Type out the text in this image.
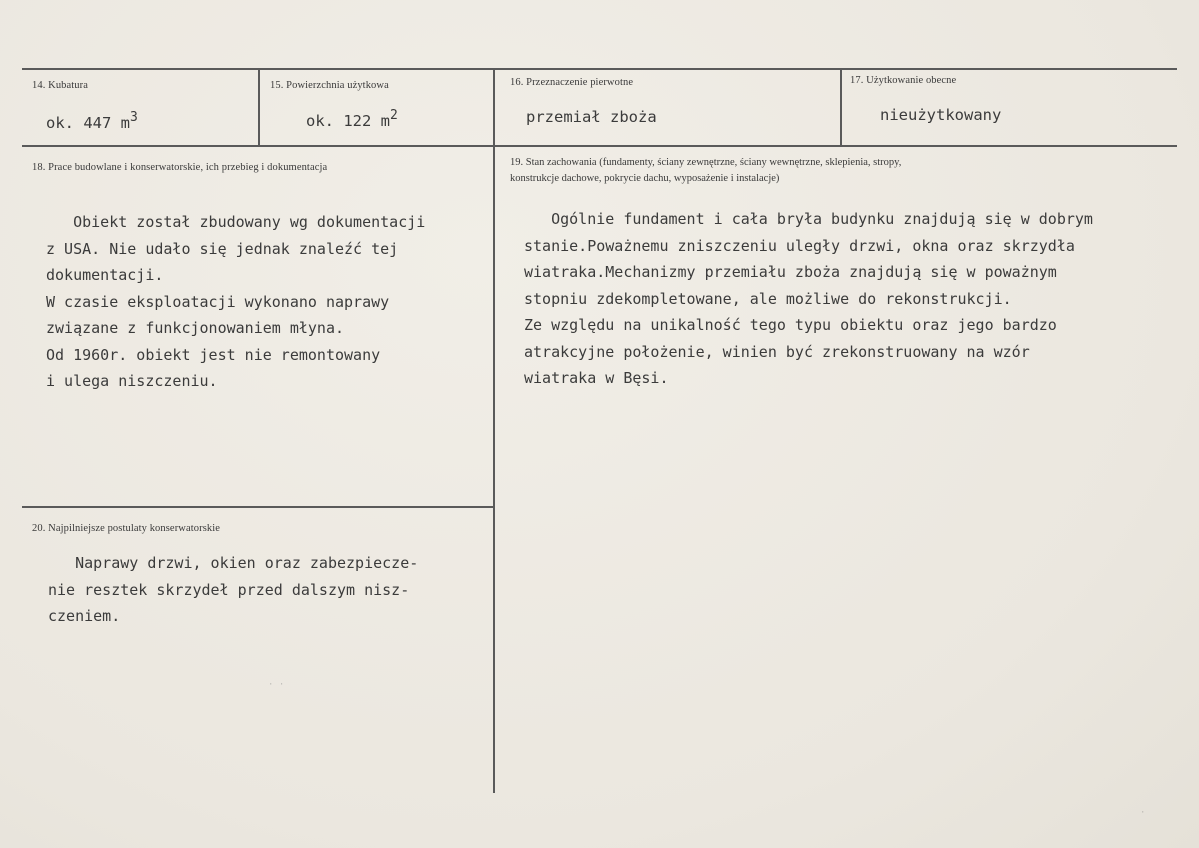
14. Kubatura
ok. 447 $m^3$
15. Powierzchnia użytkowa
ok. 122 $m^2$
16. Przeznaczenie pierwotne
przemiał zboża
17. Użytkowanie obecne
nieużytkowany
18. Prace budowlane i konserwatorskie, ich przebieg i dokumentacja
Obiekt został zbudowany wg dokumentacji
z USA. Nie udało się jednak znaleźć tej
dokumentacji.
W czasie eksploatacji wykonano naprawy
związane z funkcjonowaniem młyna.
Od 1960r. obiekt jest nie remontowany
i ulega niszczeniu.
19. Stan zachowania (fundamenty, ściany zewnętrzne, ściany wewnętrzne, sklepienia, stropy,
konstrukcje dachowe, pokrycie dachu, wyposażenie i instalacje)
Ogólnie fundament i cała bryła budynku znajdują się w dobrym
stanie.Poważnemu zniszczeniu uległy drzwi, okna oraz skrzydła
wiatraka.Mechanizmy przemiału zboża znajdują się w poważnym
stopniu zdekompletowane, ale możliwe do rekonstrukcji.
Ze względu na unikalność tego typu obiektu oraz jego bardzo
atrakcyjne położenie, winien być zrekonstruowany na wzór
wiatraka w Bęsi.
20. Najpilniejsze postulaty konserwatorskie
Naprawy drzwi, okien oraz zabezpiecze-
nie resztek skrzydeł przed dalszym nisz-
czeniem.
· ·
·
